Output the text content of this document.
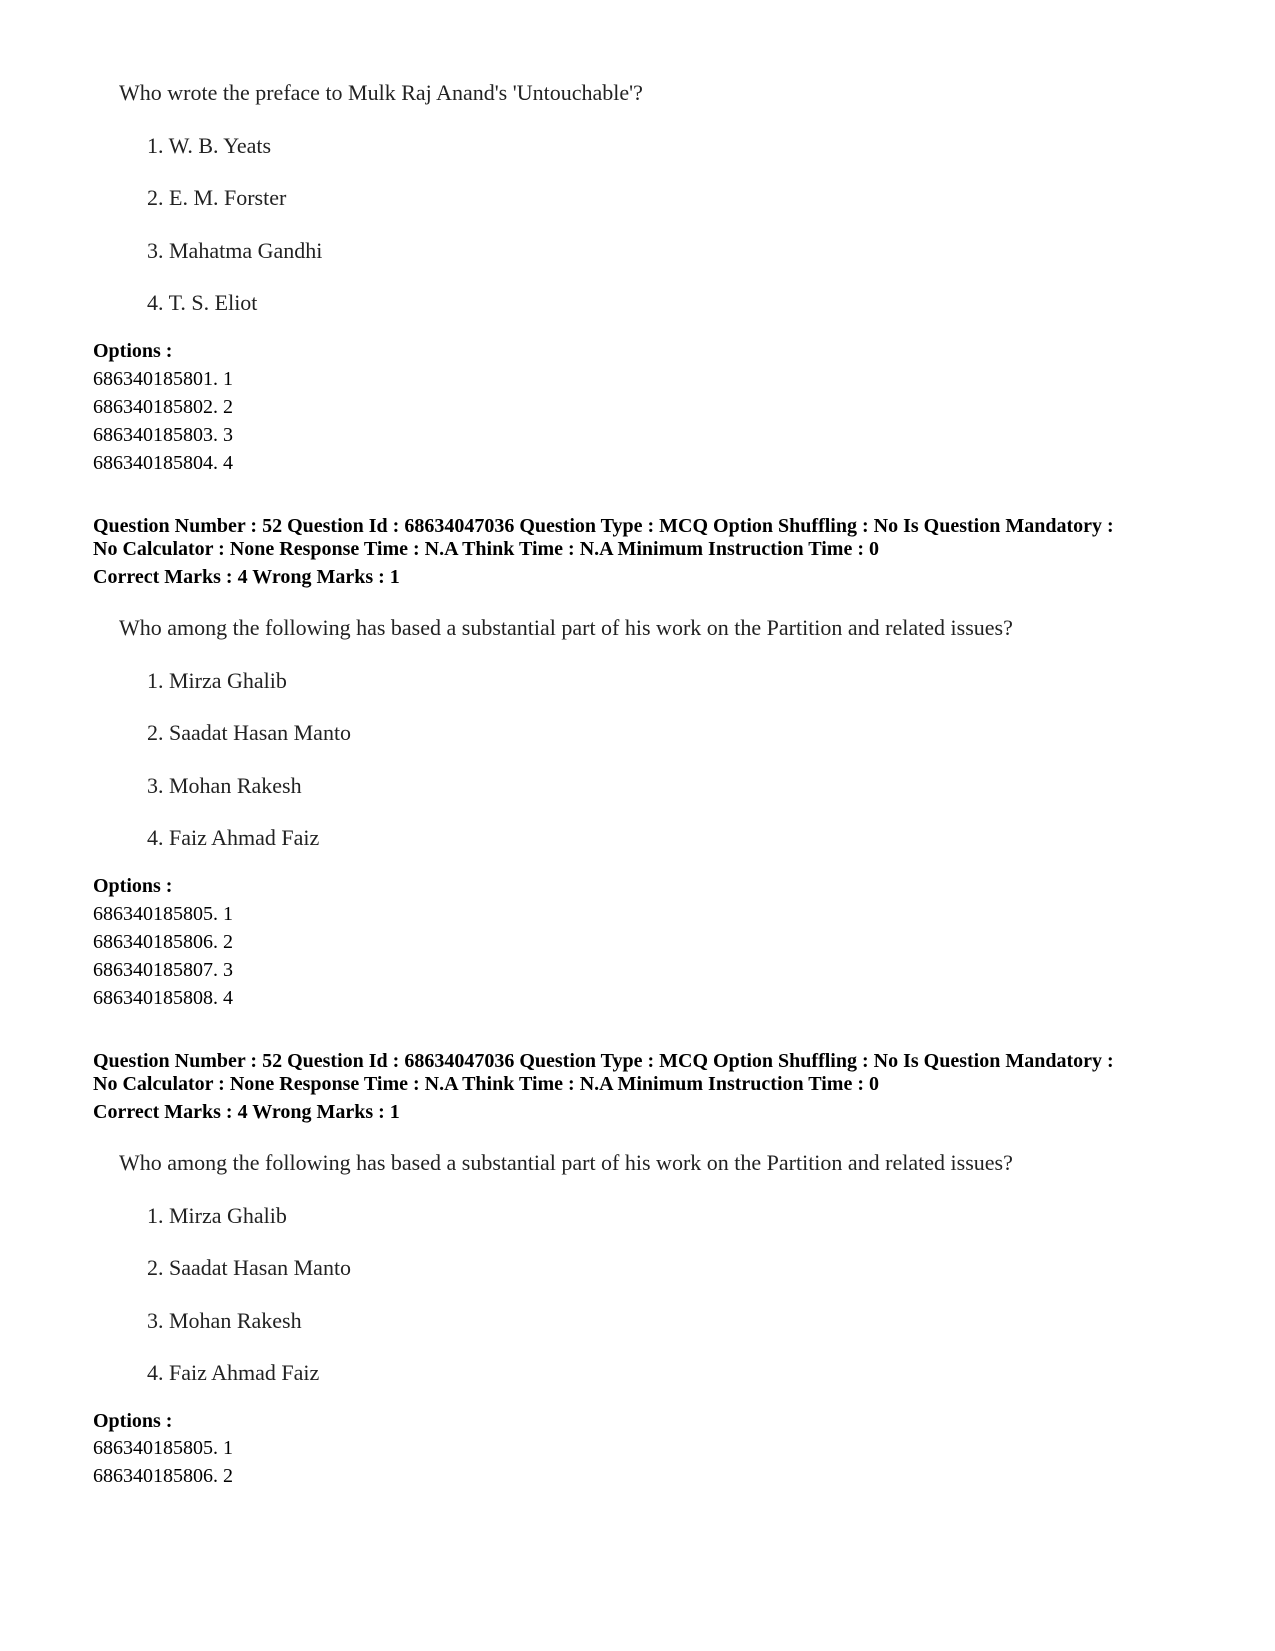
Who wrote the preface to Mulk Raj Anand's 'Untouchable'?
1. W. B. Yeats
2. E. M. Forster
3. Mahatma Gandhi
4. T. S. Eliot
Options :
686340185801. 1
686340185802. 2
686340185803. 3
686340185804. 4
Question Number : 52 Question Id : 68634047036 Question Type : MCQ Option Shuffling : No Is Question Mandatory :
No Calculator : None Response Time : N.A Think Time : N.A Minimum Instruction Time : 0
Correct Marks : 4 Wrong Marks : 1
Who among the following has based a substantial part of his work on the Partition and related issues?
1. Mirza Ghalib
2. Saadat Hasan Manto
3. Mohan Rakesh
4. Faiz Ahmad Faiz
Options :
686340185805. 1
686340185806. 2
686340185807. 3
686340185808. 4
Question Number : 52 Question Id : 68634047036 Question Type : MCQ Option Shuffling : No Is Question Mandatory :
No Calculator : None Response Time : N.A Think Time : N.A Minimum Instruction Time : 0
Correct Marks : 4 Wrong Marks : 1
Who among the following has based a substantial part of his work on the Partition and related issues?
1. Mirza Ghalib
2. Saadat Hasan Manto
3. Mohan Rakesh
4. Faiz Ahmad Faiz
Options :
686340185805. 1
686340185806. 2
